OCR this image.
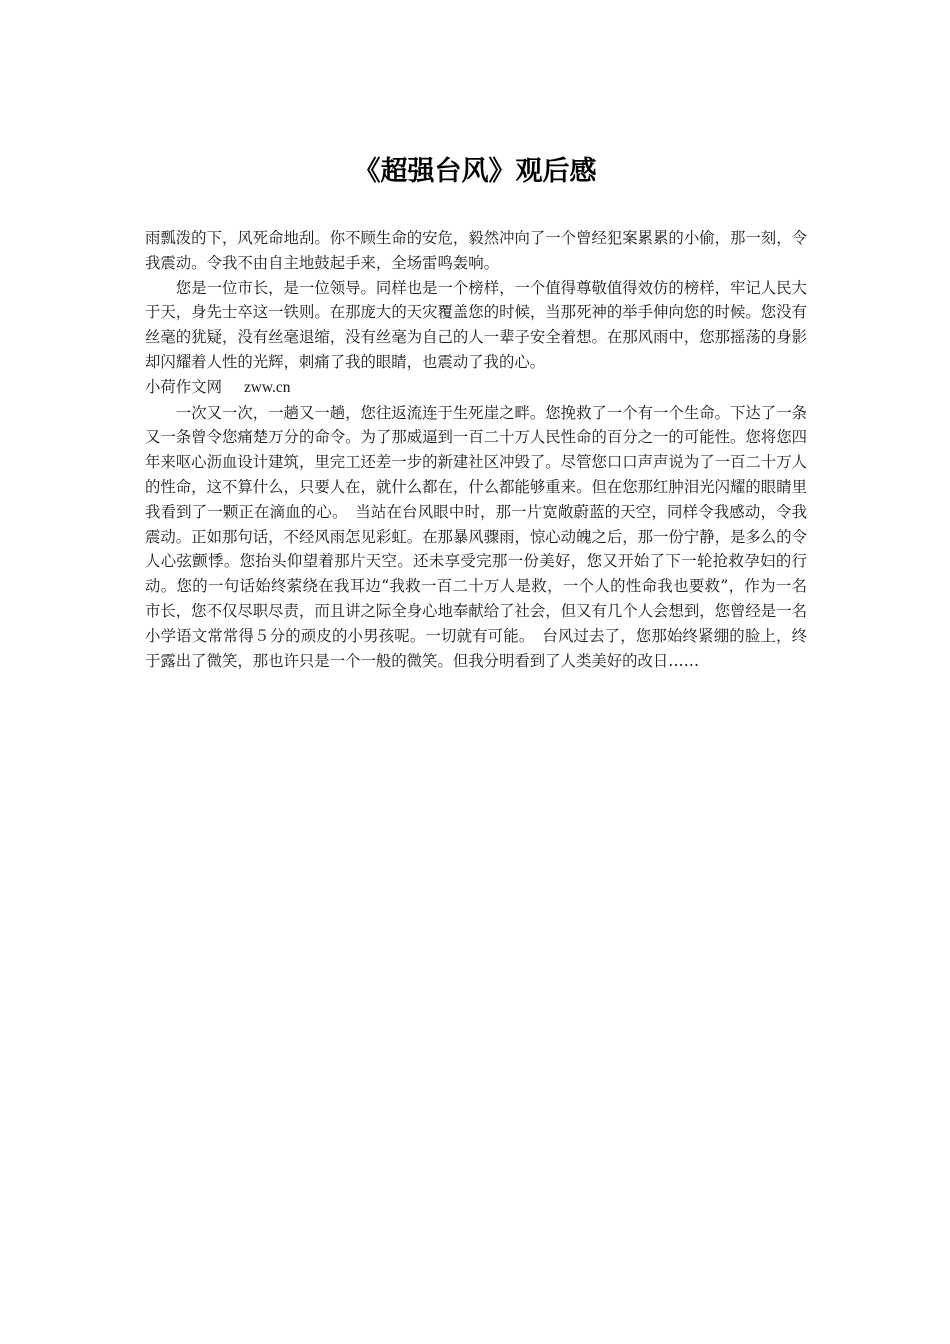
《超强台风》观后感

雨瓢泼的下，风死命地刮。你不顾生命的安危，毅然冲向了一个曾经犯案累累的小偷，那一刻，令我震动。令我不由自主地鼓起手来，全场雷鸣轰响。

您是一位市长，是一位领导。同样也是一个榜样，一个值得尊敬值得效仿的榜样，牢记人民大于天，身先士卒这一铁则。在那庞大的天灾覆盖您的时候，当那死神的举手伸向您的时候。您没有丝毫的犹疑，没有丝毫退缩，没有丝毫为自己的人一辈子安全着想。在那风雨中，您那摇荡的身影却闪耀着人性的光辉，刺痛了我的眼睛，也震动了我的心。

小荷作文网 zww.cn

一次又一次，一趟又一趟，您往返流连于生死崖之畔。您挽救了一个有一个生命。下达了一条又一条曾令您痛楚万分的命令。为了那威逼到一百二十万人民性命的百分之一的可能性。您将您四年来呕心沥血设计建筑，里完工还差一步的新建社区冲毁了。尽管您口口声声说为了一百二十万人的性命，这不算什么，只要人在，就什么都在，什么都能够重来。但在您那红肿泪光闪耀的眼睛里我看到了一颗正在滴血的心。　当站在台风眼中时，那一片宽敞蔚蓝的天空，同样令我感动，令我震动。正如那句话，不经风雨怎见彩虹。在那暴风骤雨，惊心动魄之后，那一份宁静，是多么的令人心弦颤悸。您抬头仰望着那片天空。还未享受完那一份美好，您又开始了下一轮抢救孕妇的行动。您的一句话始终萦绕在我耳边“我救一百二十万人是救，一个人的性命我也要救”，作为一名市长，您不仅尽职尽责，而且讲之际全身心地奉献给了社会，但又有几个人会想到，您曾经是一名小学语文常常得５分的顽皮的小男孩呢。一切就有可能。　台风过去了，您那始终紧绷的脸上，终于露出了微笑，那也许只是一个一般的微笑。但我分明看到了人类美好的改日……
